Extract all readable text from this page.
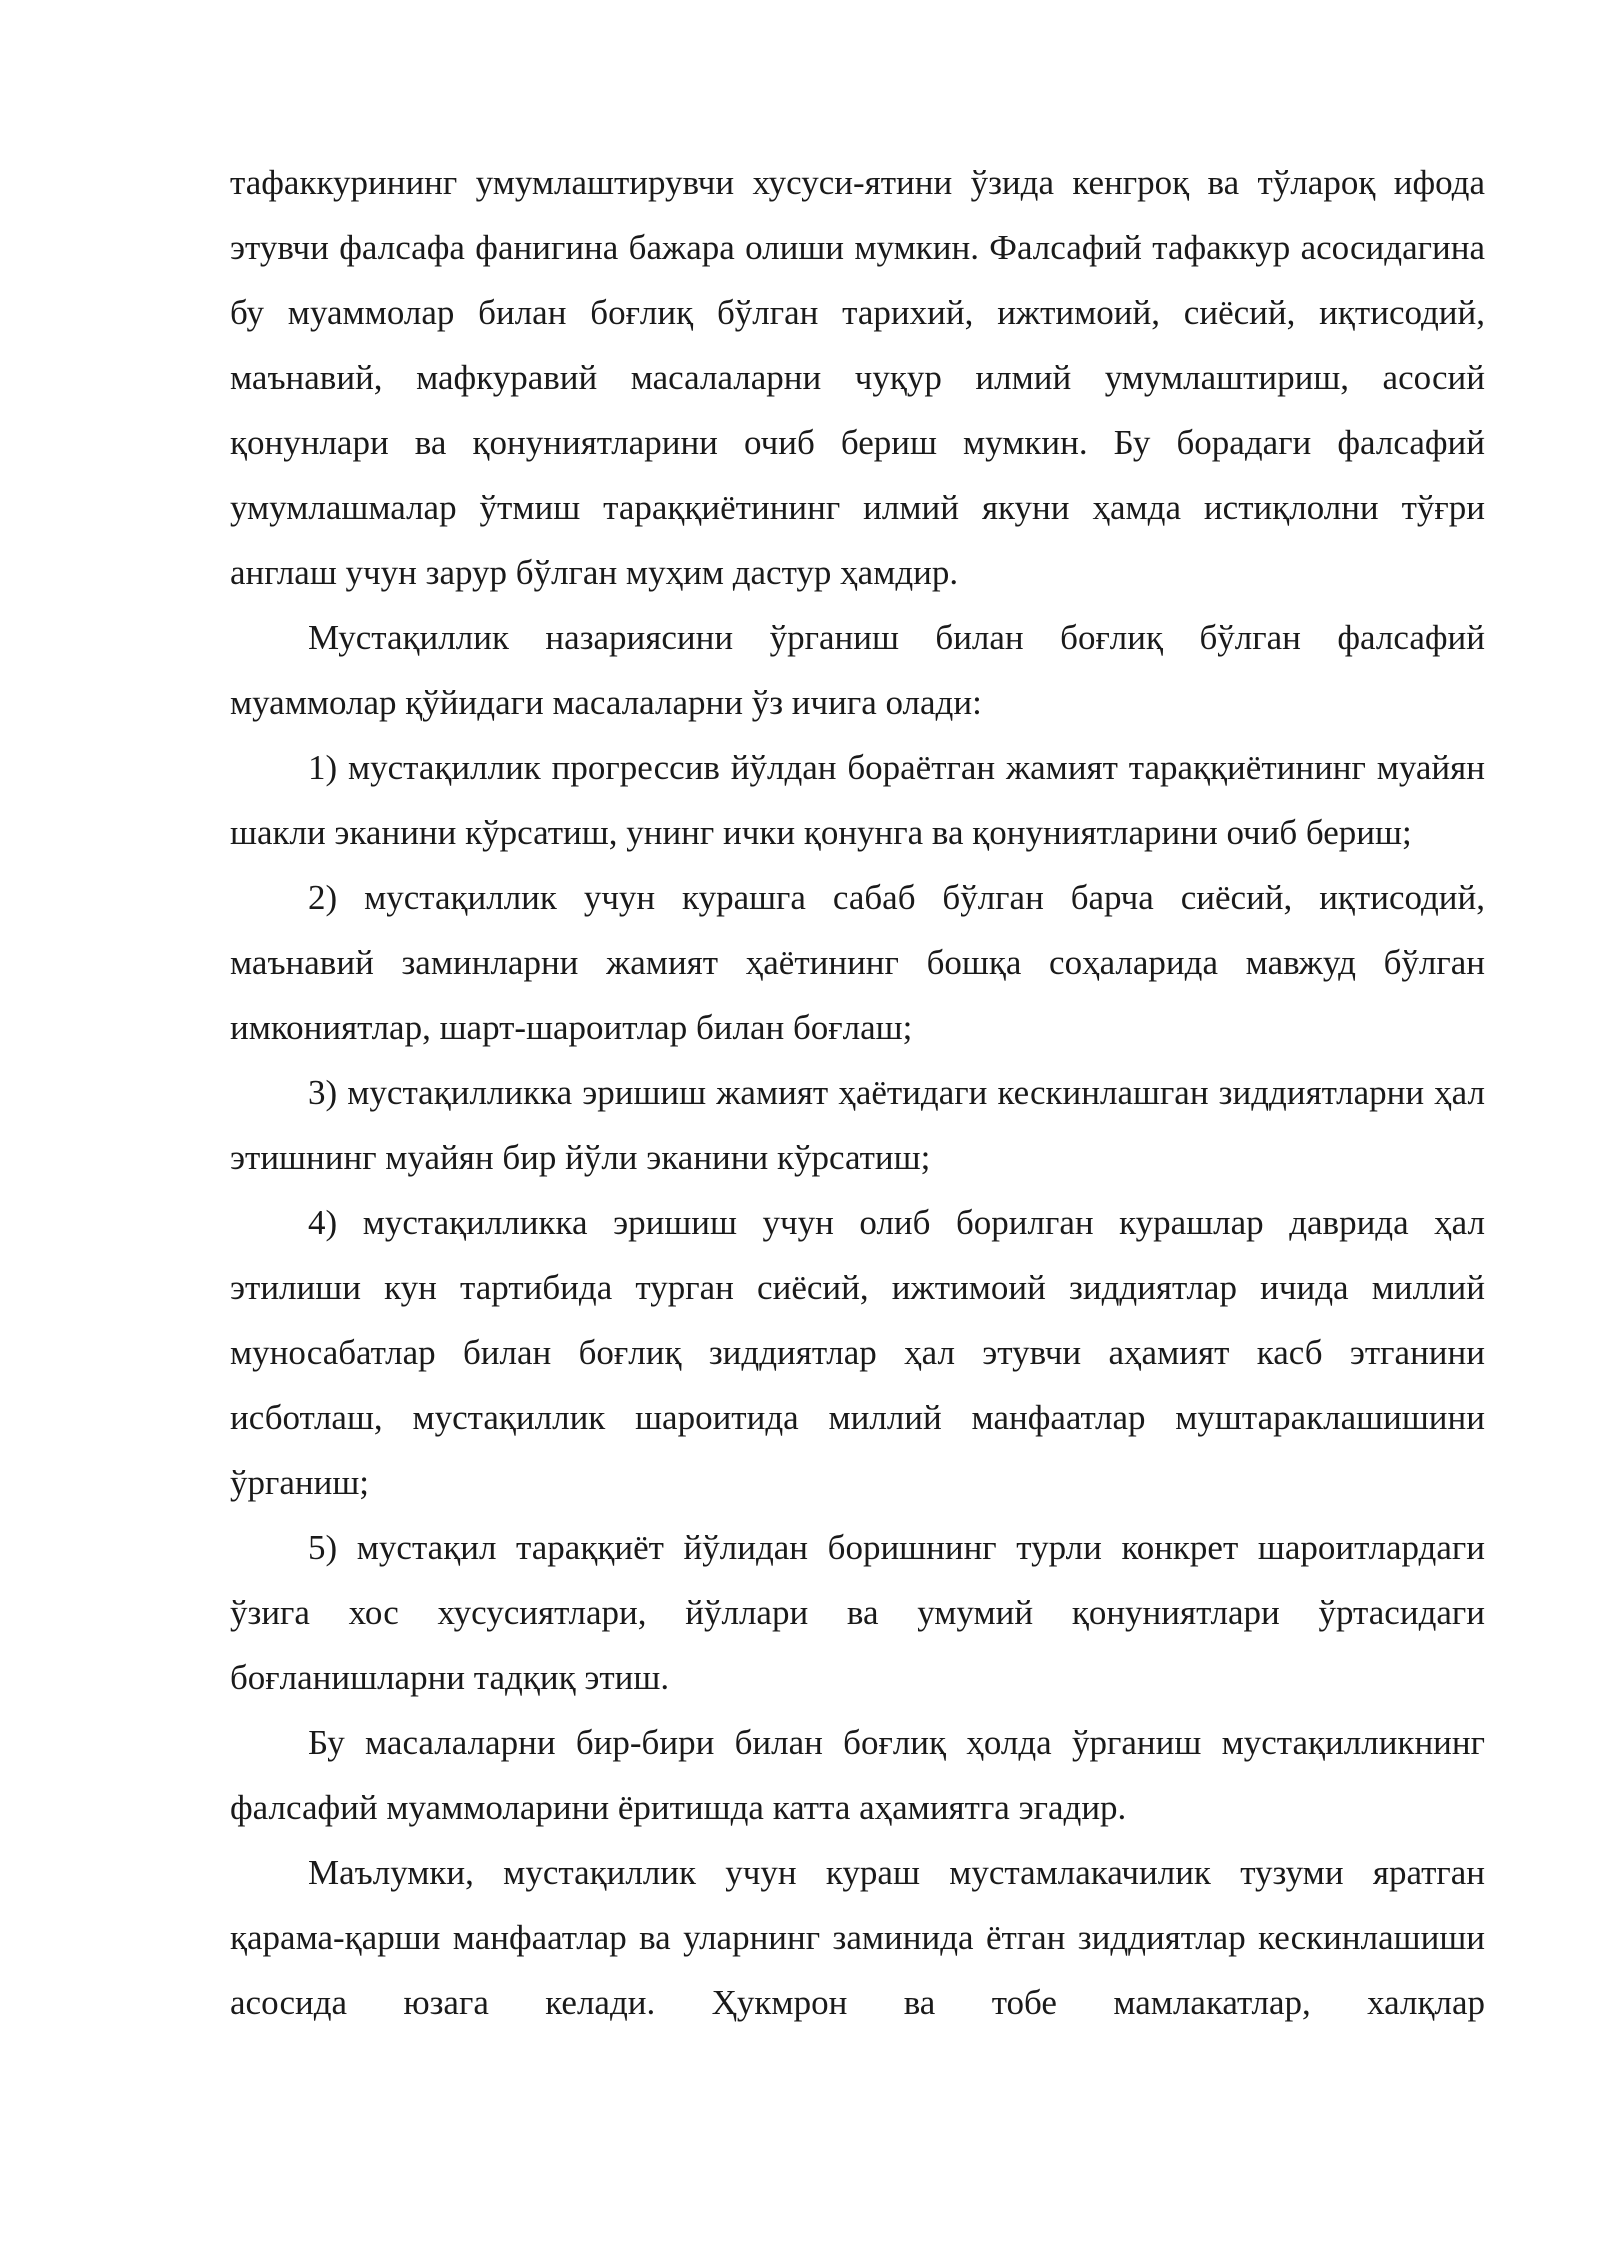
тафаккурининг умумлаштирувчи хусуси-ятини ўзида кенгроқ ва тўлароқ ифода этувчи фалсафа фанигина бажара олиши мумкин. Фалсафий тафаккур асосидагина бу муаммолар билан боғлиқ бўлган тарихий, ижтимоий, сиёсий, иқтисодий, маънавий, мафкуравий масалаларни чуқур илмий умумлаштириш, асосий қонунлари ва қонуниятларини очиб бериш мумкин. Бу борадаги фалсафий умумлашмалар ўтмиш тараққиётининг илмий якуни ҳамда истиқлолни тўғри англаш учун зарур бўлган муҳим дастур ҳамдир.

Мустақиллик назариясини ўрганиш билан боғлиқ бўлган фалсафий муаммолар қўйидаги масалаларни ўз ичига олади:

1) мустақиллик прогрессив йўлдан бораётган жамият тараққиётининг муайян шакли эканини кўрсатиш, унинг ички қонунга ва қонуниятларини очиб бериш;

2) мустақиллик учун курашга сабаб бўлган барча сиёсий, иқтисодий, маънавий заминларни жамият ҳаётининг бошқа соҳаларида мавжуд бўлган имкониятлар, шарт-шароитлар билан боғлаш;

3) мустақилликка эришиш жамият ҳаётидаги кескинлашган зиддиятларни ҳал этишнинг муайян бир йўли эканини кўрсатиш;

4) мустақилликка эришиш учун олиб борилган курашлар даврида ҳал этилиши кун тартибида турган сиёсий, ижтимоий зиддиятлар ичида миллий муносабатлар билан боғлиқ зиддиятлар ҳал этувчи аҳамият касб этганини исботлаш, мустақиллик шароитида миллий манфаатлар муштараклашишини ўрганиш;

5) мустақил тараққиёт йўлидан боришнинг турли конкрет шароитлардаги ўзига хос хусусиятлари, йўллари ва умумий қонуниятлари ўртасидаги боғланишларни тадқиқ этиш.

Бу масалаларни бир-бири билан боғлиқ ҳолда ўрганиш мустақилликнинг фалсафий муаммоларини ёритишда катта аҳамиятга эгадир.

Маълумки, мустақиллик учун кураш мустамлакачилик тузуми яратган қарама-қарши манфаатлар ва уларнинг заминида ётган зиддиятлар кескинлашиши асосида юзага келади. Ҳукмрон ва тобе мамлакатлар, халқлар
